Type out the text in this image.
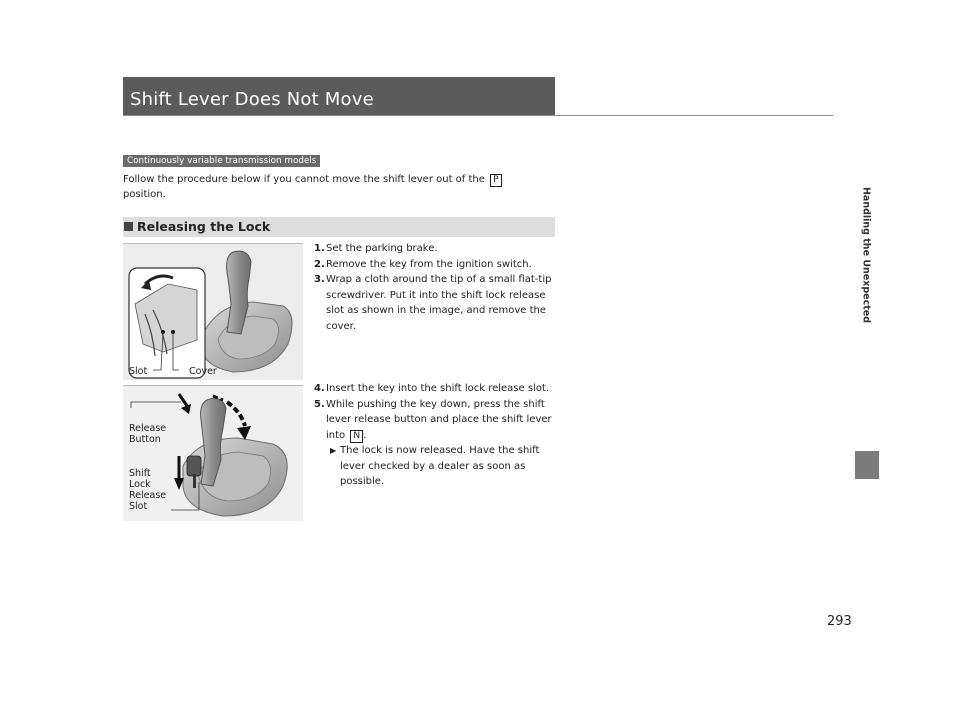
Shift Lever Does Not Move
Handling the Unexpected
Continuously variable transmission models
Follow the procedure below if you cannot move the shift lever out of the P
position.
Releasing the Lock
Slot	Cover
1. Set the parking brake.
2. Remove the key from the ignition switch.
3. Wrap a cloth around the tip of a small flat-tip screwdriver. Put it into the shift lock release slot as shown in the image, and remove the cover.
Release
Button
Shift
Lock
Release
Slot
4. Insert the key into the shift lock release slot.
5. While pushing the key down, press the shift lever release button and place the shift lever into N .
▶ The lock is now released. Have the shift lever checked by a dealer as soon as possible.
293
